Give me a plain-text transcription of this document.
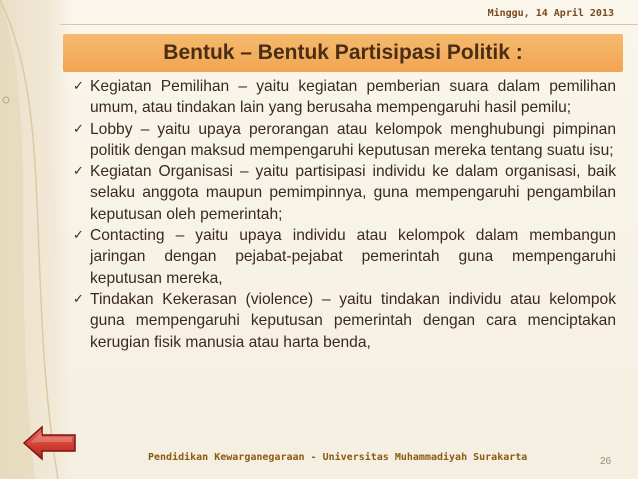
Minggu, 14 April 2013
Bentuk – Bentuk Partisipasi Politik :
✓ Kegiatan Pemilihan – yaitu kegiatan pemberian suara dalam pemilihan umum, atau tindakan lain yang berusaha mempengaruhi hasil pemilu;
✓ Lobby – yaitu upaya perorangan atau kelompok menghubungi pimpinan politik dengan maksud mempengaruhi keputusan mereka tentang suatu isu;
✓ Kegiatan Organisasi – yaitu partisipasi individu ke dalam organisasi, baik selaku anggota maupun pemimpinnya, guna mempengaruhi pengambilan keputusan oleh pemerintah;
✓ Contacting – yaitu upaya individu atau kelompok dalam membangun jaringan dengan pejabat-pejabat pemerintah guna mempengaruhi keputusan mereka,
✓ Tindakan Kekerasan (violence) – yaitu tindakan individu atau kelompok guna mempengaruhi keputusan pemerintah dengan cara menciptakan kerugian fisik manusia atau harta benda,
Pendidikan Kewarganegaraan - Universitas Muhammadiyah Surakarta	26
